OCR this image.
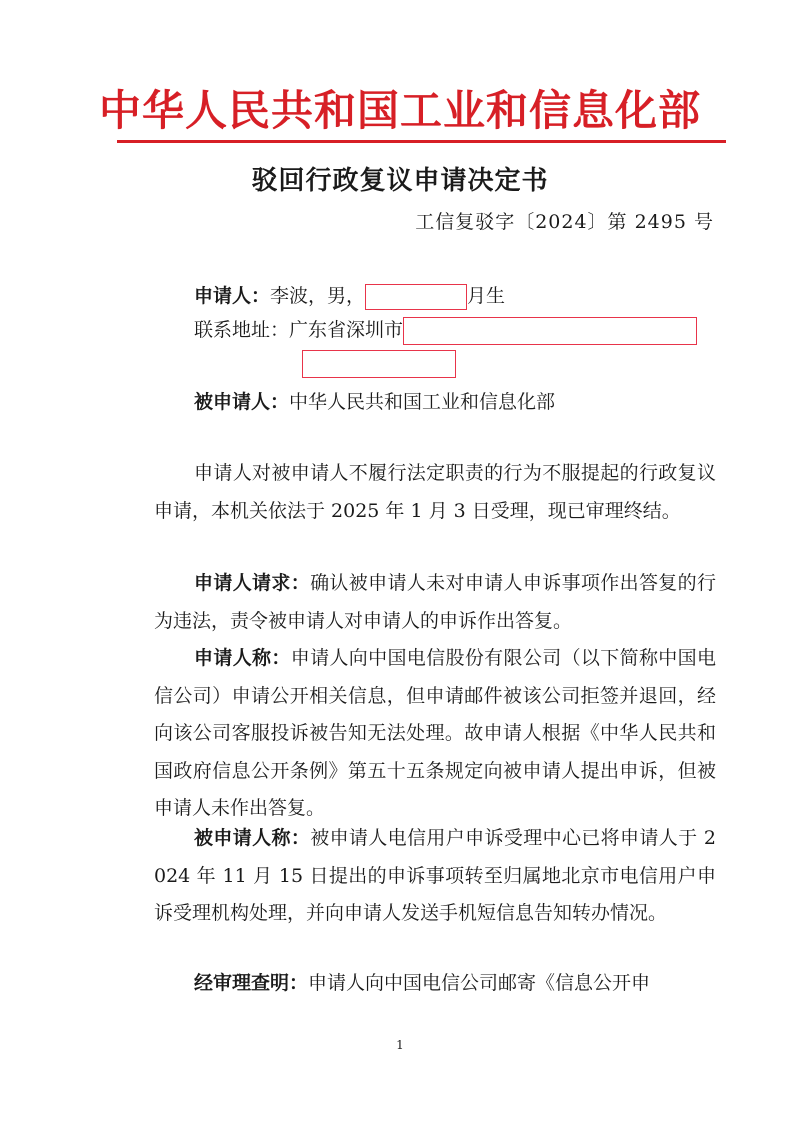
中华人民共和国工业和信息化部
驳回行政复议申请决定书
工信复驳字〔2024〕第 2495 号
申请人：李波，男，	月生
联系地址：广东省深圳市
被申请人：中华人民共和国工业和信息化部
申请人对被申请人不履行法定职责的行为不服提起的行政复议申请，本机关依法于 2025 年 1 月 3 日受理，现已审理终结。
申请人请求：确认被申请人未对申请人申诉事项作出答复的行为违法，责令被申请人对申请人的申诉作出答复。
申请人称：申请人向中国电信股份有限公司（以下简称中国电信公司）申请公开相关信息，但申请邮件被该公司拒签并退回，经向该公司客服投诉被告知无法处理。故申请人根据《中华人民共和国政府信息公开条例》第五十五条规定向被申请人提出申诉，但被申请人未作出答复。
被申请人称：被申请人电信用户申诉受理中心已将申请人于 2024 年 11 月 15 日提出的申诉事项转至归属地北京市电信用户申诉受理机构处理，并向申请人发送手机短信息告知转办情况。
经审理查明：申请人向中国电信公司邮寄《信息公开申
1
